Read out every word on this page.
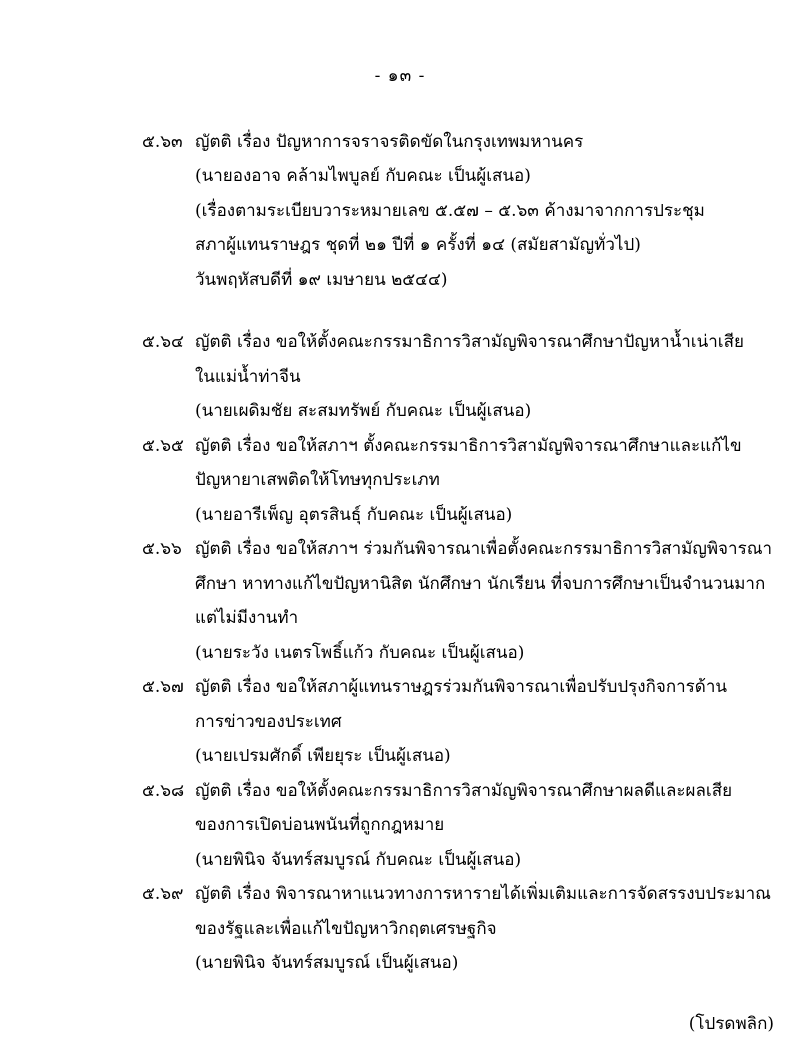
- ๑๓ -
๕.๖๓ ญัตติ เรื่อง ปัญหาการจราจรติดขัดในกรุงเทพมหานคร
(นายองอาจ คล้ามไพบูลย์ กับคณะ เป็นผู้เสนอ)
(เรื่องตามระเบียบวาระหมายเลข ๕.๕๗ – ๕.๖๓ ค้างมาจากการประชุม
สภาผู้แทนราษฎร ชุดที่ ๒๑ ปีที่ ๑ ครั้งที่ ๑๔ (สมัยสามัญทั่วไป)
วันพฤหัสบดีที่ ๑๙ เมษายน ๒๕๔๔)
๕.๖๔ ญัตติ เรื่อง ขอให้ตั้งคณะกรรมาธิการวิสามัญพิจารณาศึกษาปัญหาน้ำเน่าเสีย
ในแม่น้ำท่าจีน
(นายเผดิมชัย สะสมทรัพย์ กับคณะ เป็นผู้เสนอ)
๕.๖๕ ญัตติ เรื่อง ขอให้สภาฯ ตั้งคณะกรรมาธิการวิสามัญพิจารณาศึกษาและแก้ไข
ปัญหายาเสพติดให้โทษทุกประเภท
(นายอารีเพ็ญ อุตรสินธุ์ กับคณะ เป็นผู้เสนอ)
๕.๖๖ ญัตติ เรื่อง ขอให้สภาฯ ร่วมกันพิจารณาเพื่อตั้งคณะกรรมาธิการวิสามัญพิจารณา
ศึกษา หาทางแก้ไขปัญหานิสิต นักศึกษา นักเรียน ที่จบการศึกษาเป็นจำนวนมาก
แต่ไม่มีงานทำ
(นายระวัง เนตรโพธิ์แก้ว กับคณะ เป็นผู้เสนอ)
๕.๖๗ ญัตติ เรื่อง ขอให้สภาผู้แทนราษฎรร่วมกันพิจารณาเพื่อปรับปรุงกิจการด้าน
การข่าวของประเทศ
(นายเปรมศักดิ์ เพียยุระ เป็นผู้เสนอ)
๕.๖๘ ญัตติ เรื่อง ขอให้ตั้งคณะกรรมาธิการวิสามัญพิจารณาศึกษาผลดีและผลเสีย
ของการเปิดบ่อนพนันที่ถูกกฎหมาย
(นายพินิจ จันทร์สมบูรณ์ กับคณะ เป็นผู้เสนอ)
๕.๖๙ ญัตติ เรื่อง พิจารณาหาแนวทางการหารายได้เพิ่มเติมและการจัดสรรงบประมาณ
ของรัฐและเพื่อแก้ไขปัญหาวิกฤตเศรษฐกิจ
(นายพินิจ จันทร์สมบูรณ์ เป็นผู้เสนอ)
(โปรดพลิก)
